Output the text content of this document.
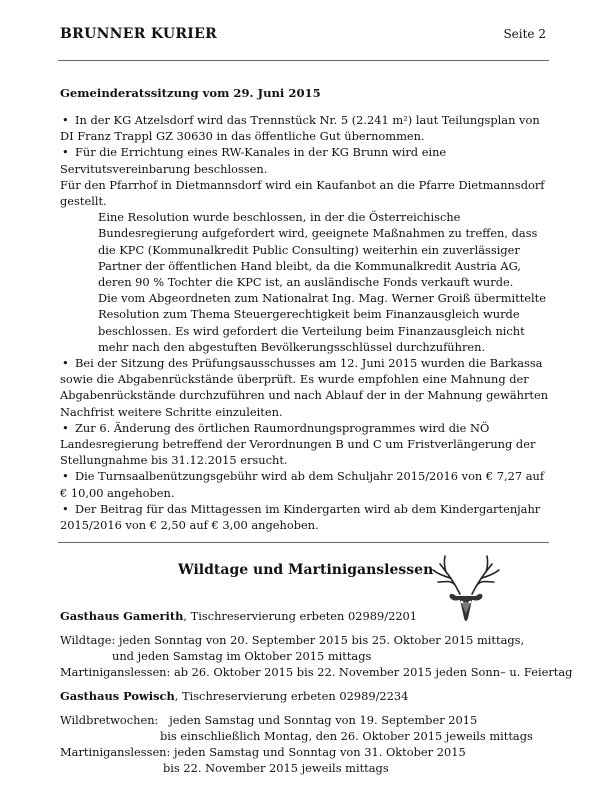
BRUNNER KURIER	Seite 2
Gemeinderatssitzung vom 29. Juni 2015

• In der KG Atzelsdorf wird das Trennstück Nr. 5 (2.241 m²) laut Teilungsplan von DI Franz Trappl GZ 30630 in das öffentliche Gut übernommen.

• Für die Errichtung eines RW-Kanales in der KG Brunn wird eine Servitutsvereinbarung beschlossen.

Für den Pfarrhof in Dietmannsdorf wird ein Kaufanbot an die Pfarre Dietmannsdorf gestellt.

Eine Resolution wurde beschlossen, in der die Österreichische Bundesregierung aufgefordert wird, geeignete Maßnahmen zu treffen, dass die KPC (Kommunalkredit Public Consulting) weiterhin ein zuverlässiger Partner der öffentlichen Hand bleibt, da die Kommunalkredit Austria AG, deren 90 % Tochter die KPC ist, an ausländische Fonds verkauft wurde.

Die vom Abgeordneten zum Nationalrat Ing. Mag. Werner Groiß übermittelte Resolution zum Thema Steuergerechtigkeit beim Finanzausgleich wurde beschlossen. Es wird gefordert die Verteilung beim Finanzausgleich nicht mehr nach den abgestuften Bevölkerungsschlüssel durchzuführen.

• Bei der Sitzung des Prüfungsausschusses am 12. Juni 2015 wurden die Barkassa sowie die Abgabenrückstände überprüft. Es wurde empfohlen eine Mahnung der Abgabenrückstände durchzuführen und nach Ablauf der in der Mahnung gewährten Nachfrist weitere Schritte einzuleiten.

• Zur 6. Änderung des örtlichen Raumordnungsprogrammes wird die NÖ Landesregierung betreffend der Verordnungen B und C um Fristverlängerung der Stellungnahme bis 31.12.2015 ersucht.

• Die Turnsaalbenützungsgebühr wird ab dem Schuljahr 2015/2016 von € 7,27 auf € 10,00 angehoben.

• Der Beitrag für das Mittagessen im Kindergarten wird ab dem Kindergartenjahr 2015/2016 von € 2,50 auf € 3,00 angehoben.

Wildtage und Martiniganslessen
Gasthaus Gamerith, Tischreservierung erbeten 02989/2201
Wildtage: jeden Sonntag von 20. September 2015 bis 25. Oktober 2015 mittags,
und jeden Samstag im Oktober 2015 mittags
Martiniganslessen: ab 26. Oktober 2015 bis 22. November 2015 jeden Sonn– u. Feiertag
Gasthaus Powisch, Tischreservierung erbeten 02989/2234
Wildbretwochen:   jeden Samstag und Sonntag von 19. September 2015
bis einschließlich Montag, den 26. Oktober 2015 jeweils mittags
Martiniganslessen: jeden Samstag und Sonntag von 31. Oktober 2015
bis 22. November 2015 jeweils mittags
